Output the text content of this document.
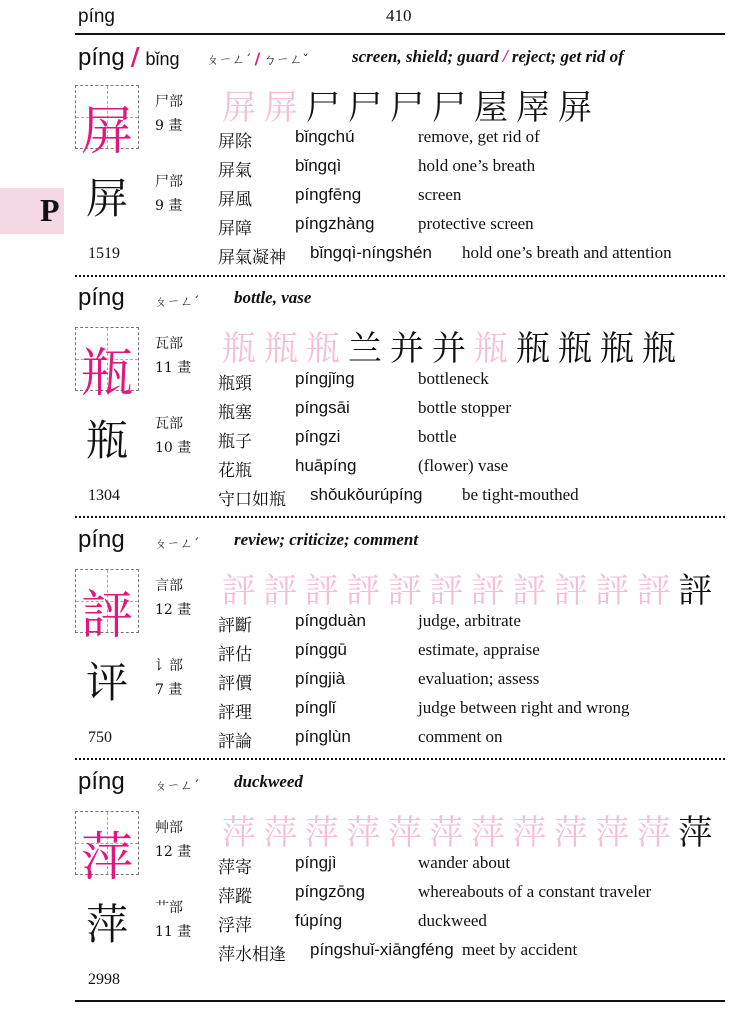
píng	410
P
píng / bǐng ㄆㄧㄥˊ / ㄅㄧㄥˇ	screen, shield; guard / reject; get rid of
屏	尸部
9 畫
屏 尸部
9 畫
1519
屏 屏 尸 尸 尸 尸 屋 屖 屏
屏除	bǐngchú	remove, get rid of
屏氣	bǐngqì	hold one’s breath
屏風	píngfēng	screen
屏障	píngzhàng	protective screen
屏氣凝神 bǐngqì-níngshén hold one’s breath and attention
píng ㄆㄧㄥˊ bottle, vase
瓶	瓦部
11 畫
瓶 瓦部
10 畫
1304
瓶 瓶 瓶 兰 并 并 瓶 瓶 瓶 瓶 瓶
瓶頸	píngjǐng	bottleneck
瓶塞	píngsāi	bottle stopper
瓶子	píngzi	bottle
花瓶	huāpíng	(flower) vase
守口如瓶 shǒukǒurúpíng be tight-mouthed
píng ㄆㄧㄥˊ review; criticize; comment
評	言部
12 畫
评 讠部
7 畫
750
評 評 評 評 評 評 評 評 評 評 評 評
評斷	píngduàn	judge, arbitrate
評估	pínggū	estimate, appraise
評價	píngjià	evaluation; assess
評理	pínglǐ	judge between right and wrong
評論	pínglùn	comment on
píng ㄆㄧㄥˊ duckweed
萍	艸部
12 畫
萍 艹部
11 畫
2998
萍 萍 萍 萍 萍 萍 萍 萍 萍 萍 萍 萍
萍寄	píngjì	wander about
萍蹤	píngzōng	whereabouts of a constant traveler
浮萍	fúpíng	duckweed
萍水相逢 píngshuǐ-xiāngféng meet by accident
